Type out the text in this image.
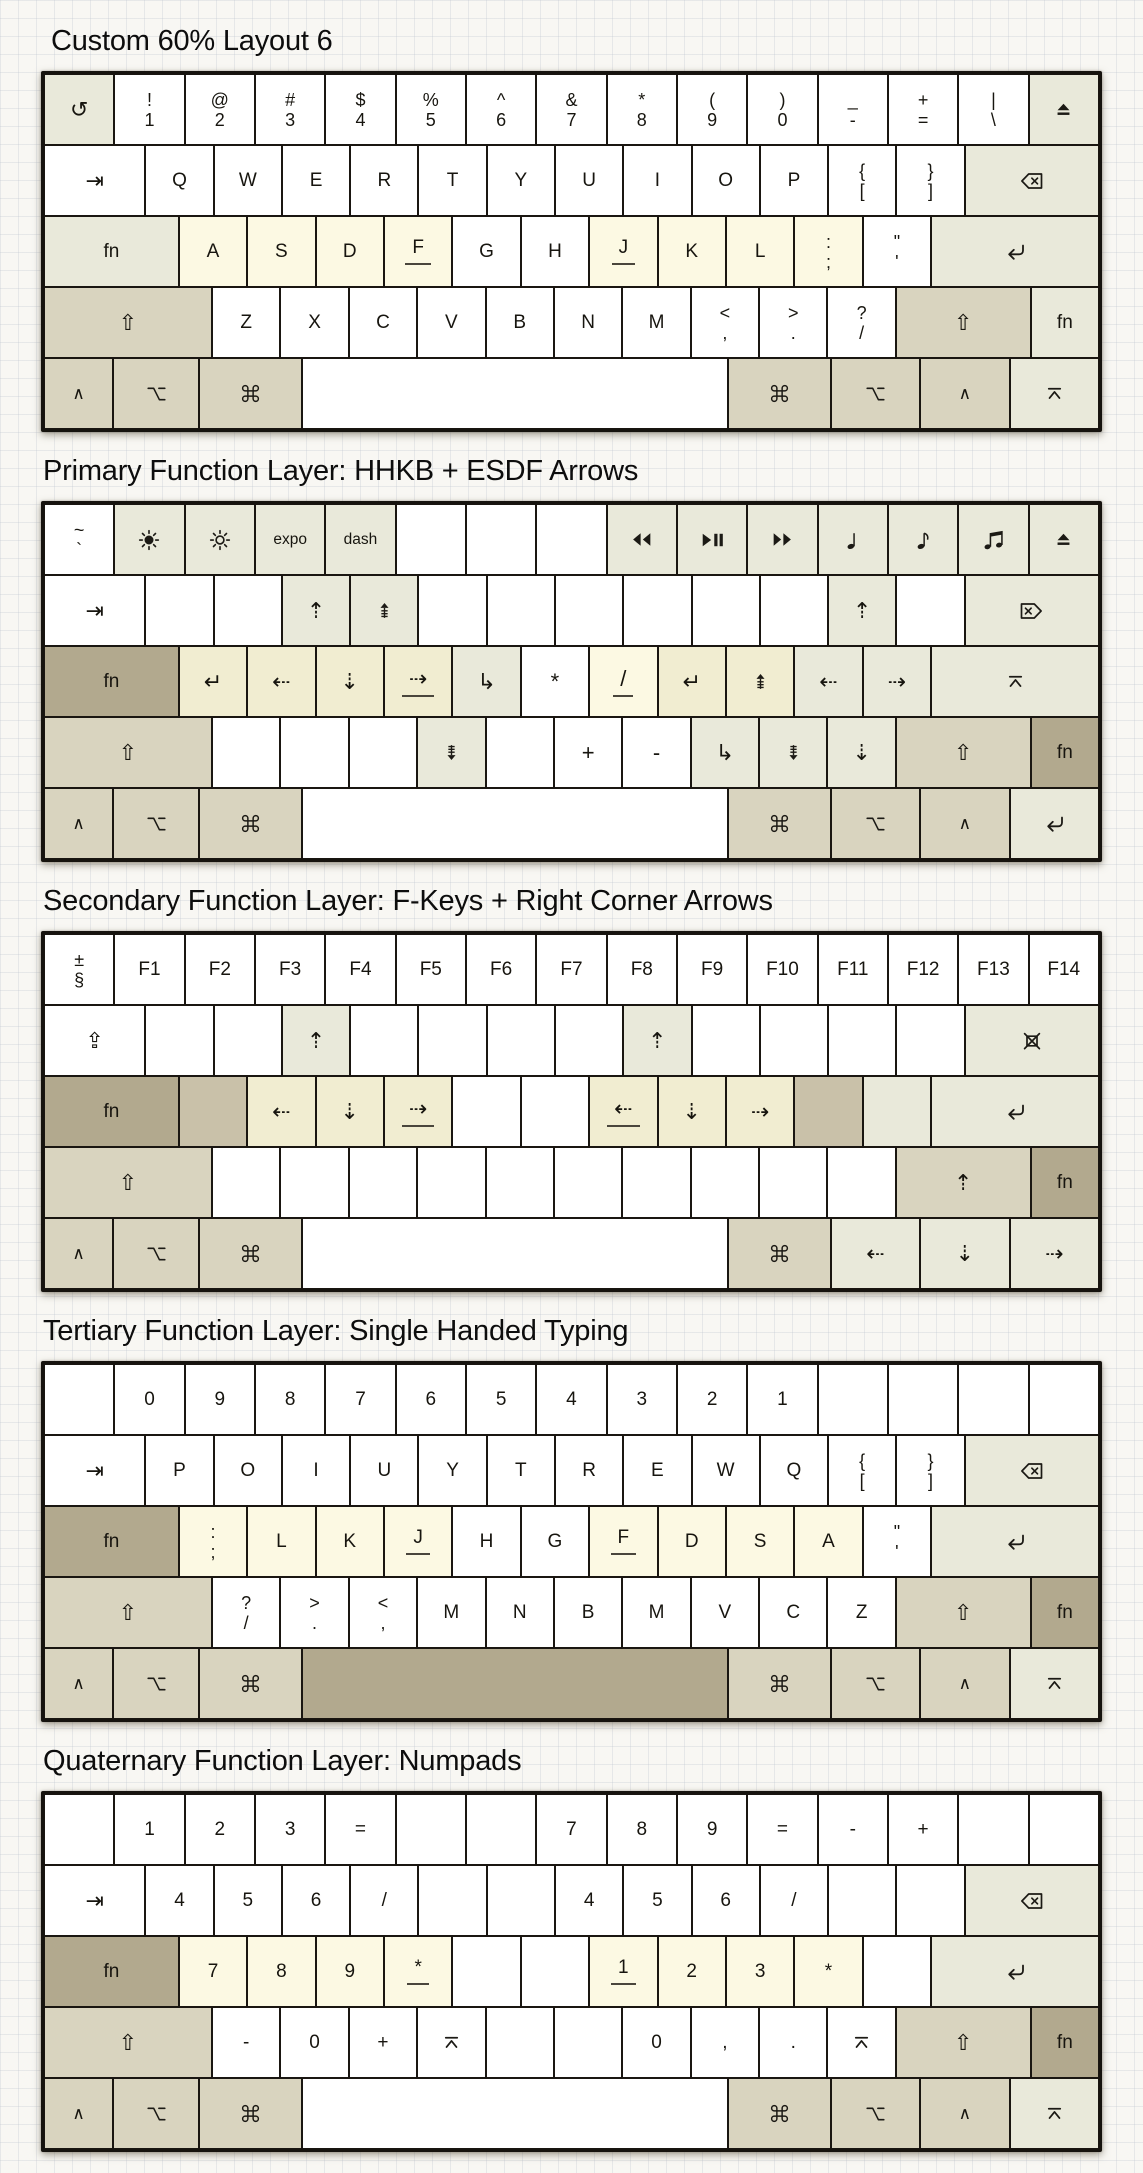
Custom 60% Layout 6
↺	!
1
@
2
#
3
$
4
%
5
^
6
&
7
*
8
(
9
)
0
_
-
+
=
|
\
⇥	Q	W	E	R	T	Y	U	I	O	P	{
[
}
]
fn	A	S	D	F	G	H	J	K	L	:
;
"
'
⇧	Z	X	C	V	B	N	M	<
,
>
.
?
/	⇧	fn
∧	∧
Primary Function Layer: HHKB + ESDF Arrows
~
`	expo dash
⇥	⇡	⇡
fn	↵ ⇠ ⇣ ⇢ ↳ *	/	↵	⇠ ⇢
⇧	+	-	↳	⇣	⇧	fn
∧	∧
Secondary Function Layer: F-Keys + Right Corner Arrows
±
§	F1	F2	F3	F4	F5	F6	F7	F8	F9 F10 F11 F12 F13 F14
⇪	⇡	⇡
fn	⇠ ⇣ ⇢	⇠ ⇣ ⇢
⇧	⇡	fn
∧	⇠	⇣	⇢
Tertiary Function Layer: Single Handed Typing
0	9	8	7	6	5	4	3	2	1
⇥	P	O	I	U	Y	T	R	E	W	Q	{
[
}
]
fn	:
;	L	K	J	H	G	F	D	S	A	"
'
⇧	?
/
>
.
<
,	M	N	B	M	V	C	Z	⇧	fn
∧	∧
Quaternary Function Layer: Numpads
1	2	3	=	7	8	9	=	-	+
⇥	4	5	6	/	4	5	6	/
fn	7	8	9	*	1	2	3	*
⇧	-	0	+	0	,	.	⇧	fn
∧	∧
